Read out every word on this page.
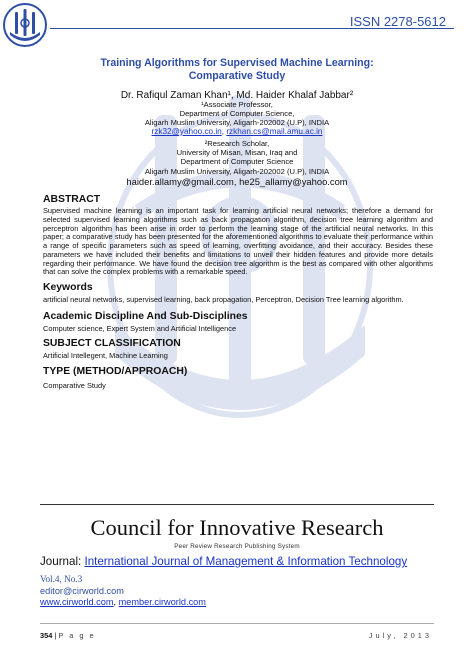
ISSN 2278-5612
Training Algorithms for Supervised Machine Learning:
Comparative Study
Dr. Rafiqul Zaman Khan¹, Md. Haider Khalaf Jabbar²
¹Associate Professor,
Department of Computer Science,
Aligarh Muslim University, Aligarh-202002 (U.P), INDIA
rzk32@yahoo.co.in, rzkhan.cs@mail.amu.ac.in
²Research Scholar,
University of Misan, Misan, Iraq and
Department of Computer Science
Aligarh Muslim University, Aligarh-202002 (U.P), INDIA
haider.allamy@gmail.com, he25_allamy@yahoo.com
ABSTRACT
Supervised machine learning is an important task for learning artificial neural networks; therefore a demand for selected supervised learning algorithms such as back propagation algorithm, decision tree learning algorithm and perceptron algorithm has been arise in order to perform the learning stage of the artificial neural networks. In this paper; a comparative study has been presented for the aforementioned algorithms to evaluate their performance within a range of specific parameters such as speed of learning, overfitting avoidance, and their accuracy. Besides these parameters we have included their benefits and limitations to unveil their hidden features and provide more details regarding their performance. We have found the decision tree algorithm is the best as compared with other algorithms that can solve the complex problems with a remarkable speed.
Keywords
artificial neural networks, supervised learning, back propagation, Perceptron, Decision Tree learning algorithm.
Academic Discipline And Sub-Disciplines
Computer science, Expert System and Artificial Intelligence
SUBJECT CLASSIFICATION
Artificial Intellegent, Machine Learning
TYPE (METHOD/APPROACH)
Comparative Study
Council for Innovative Research
Peer Review Research Publishing System
Journal: International Journal of Management & Information Technology
Vol.4, No.3
editor@cirworld.com
www.cirworld.com, member.cirworld.com
354 | P a g e	July, 2013
